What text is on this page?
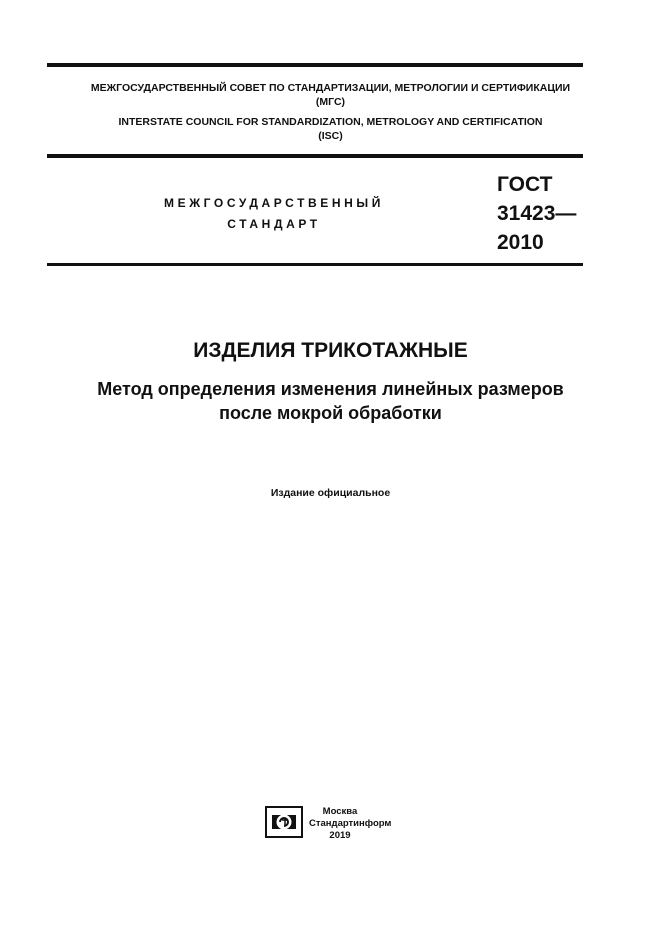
МЕЖГОСУДАРСТВЕННЫЙ СОВЕТ ПО СТАНДАРТИЗАЦИИ, МЕТРОЛОГИИ И СЕРТИФИКАЦИИ
(МГС)
INTERSTATE COUNCIL FOR STANDARDIZATION, METROLOGY AND CERTIFICATION
(ISC)
МЕЖГОСУДАРСТВЕННЫЙ
СТАНДАРТ
ГОСТ
31423—
2010
ИЗДЕЛИЯ ТРИКОТАЖНЫЕ
Метод определения изменения линейных размеров
после мокрой обработки
Издание официальное
Москва
Стандартинформ
2019
